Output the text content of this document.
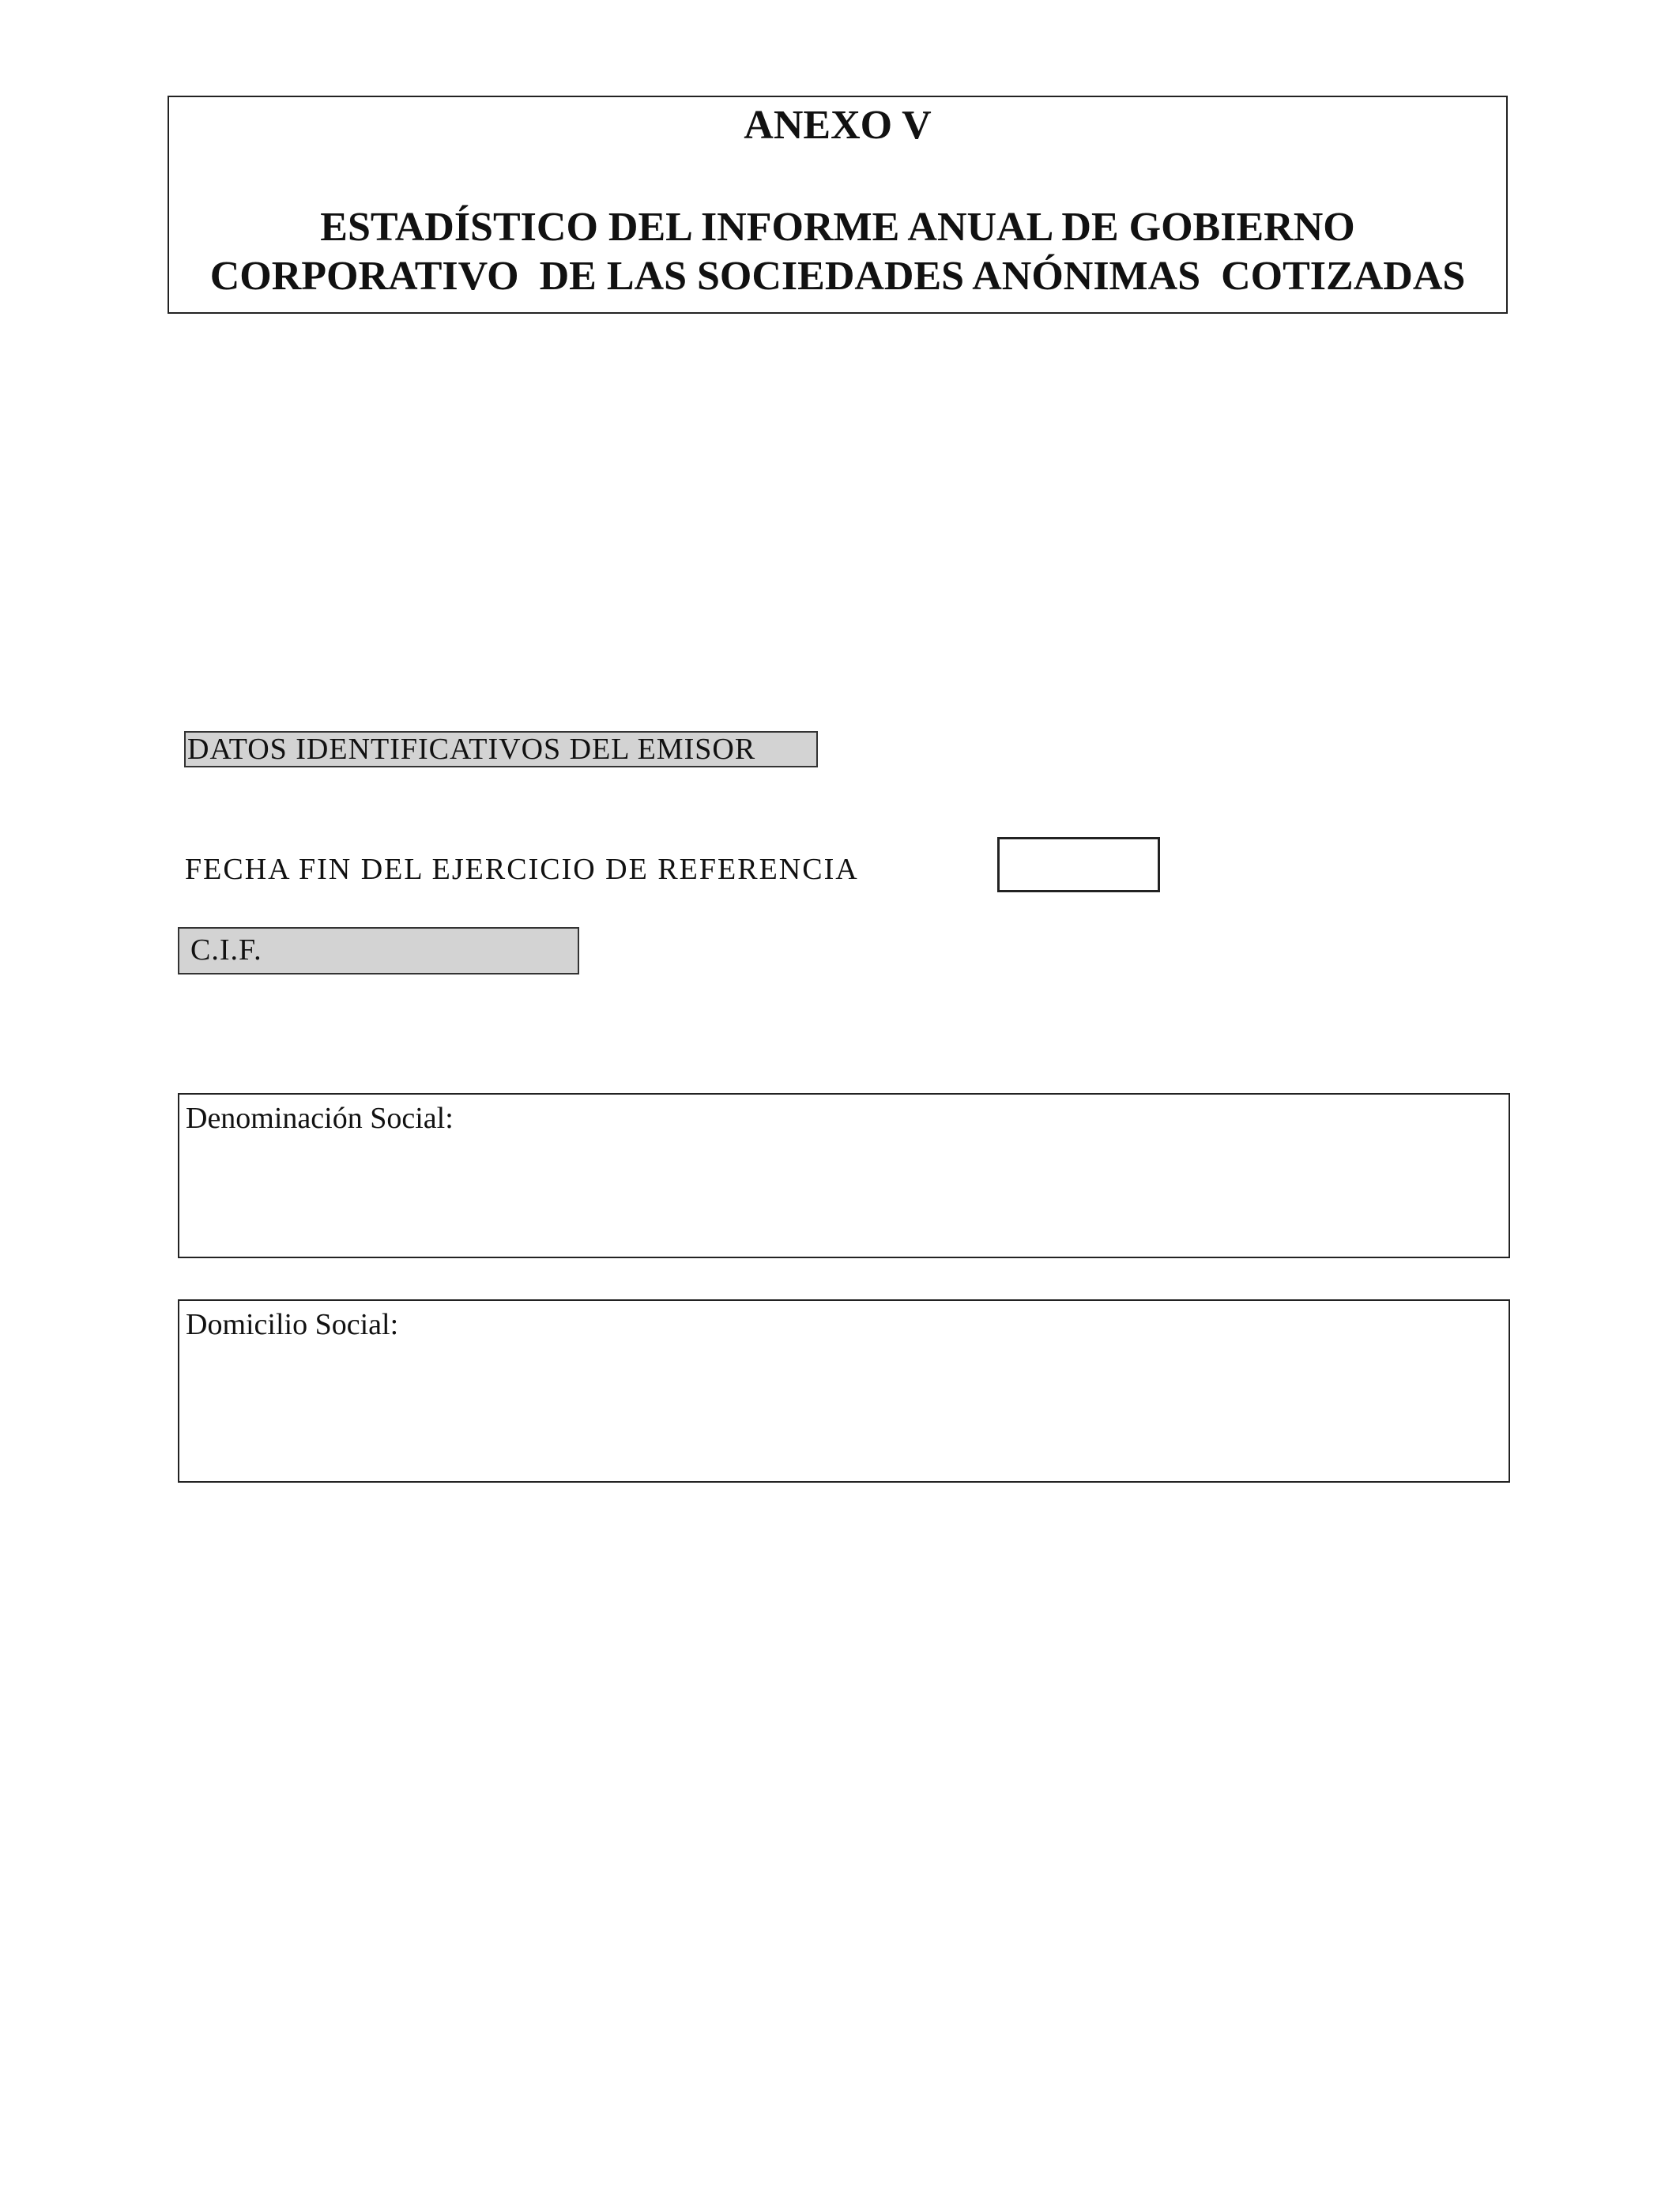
ANEXO V
ESTADÍSTICO DEL INFORME ANUAL DE GOBIERNO
CORPORATIVO  DE LAS SOCIEDADES ANÓNIMAS  COTIZADAS
DATOS IDENTIFICATIVOS DEL EMISOR
FECHA FIN DEL EJERCICIO DE REFERENCIA
C.I.F.
Denominación Social:
Domicilio Social:
